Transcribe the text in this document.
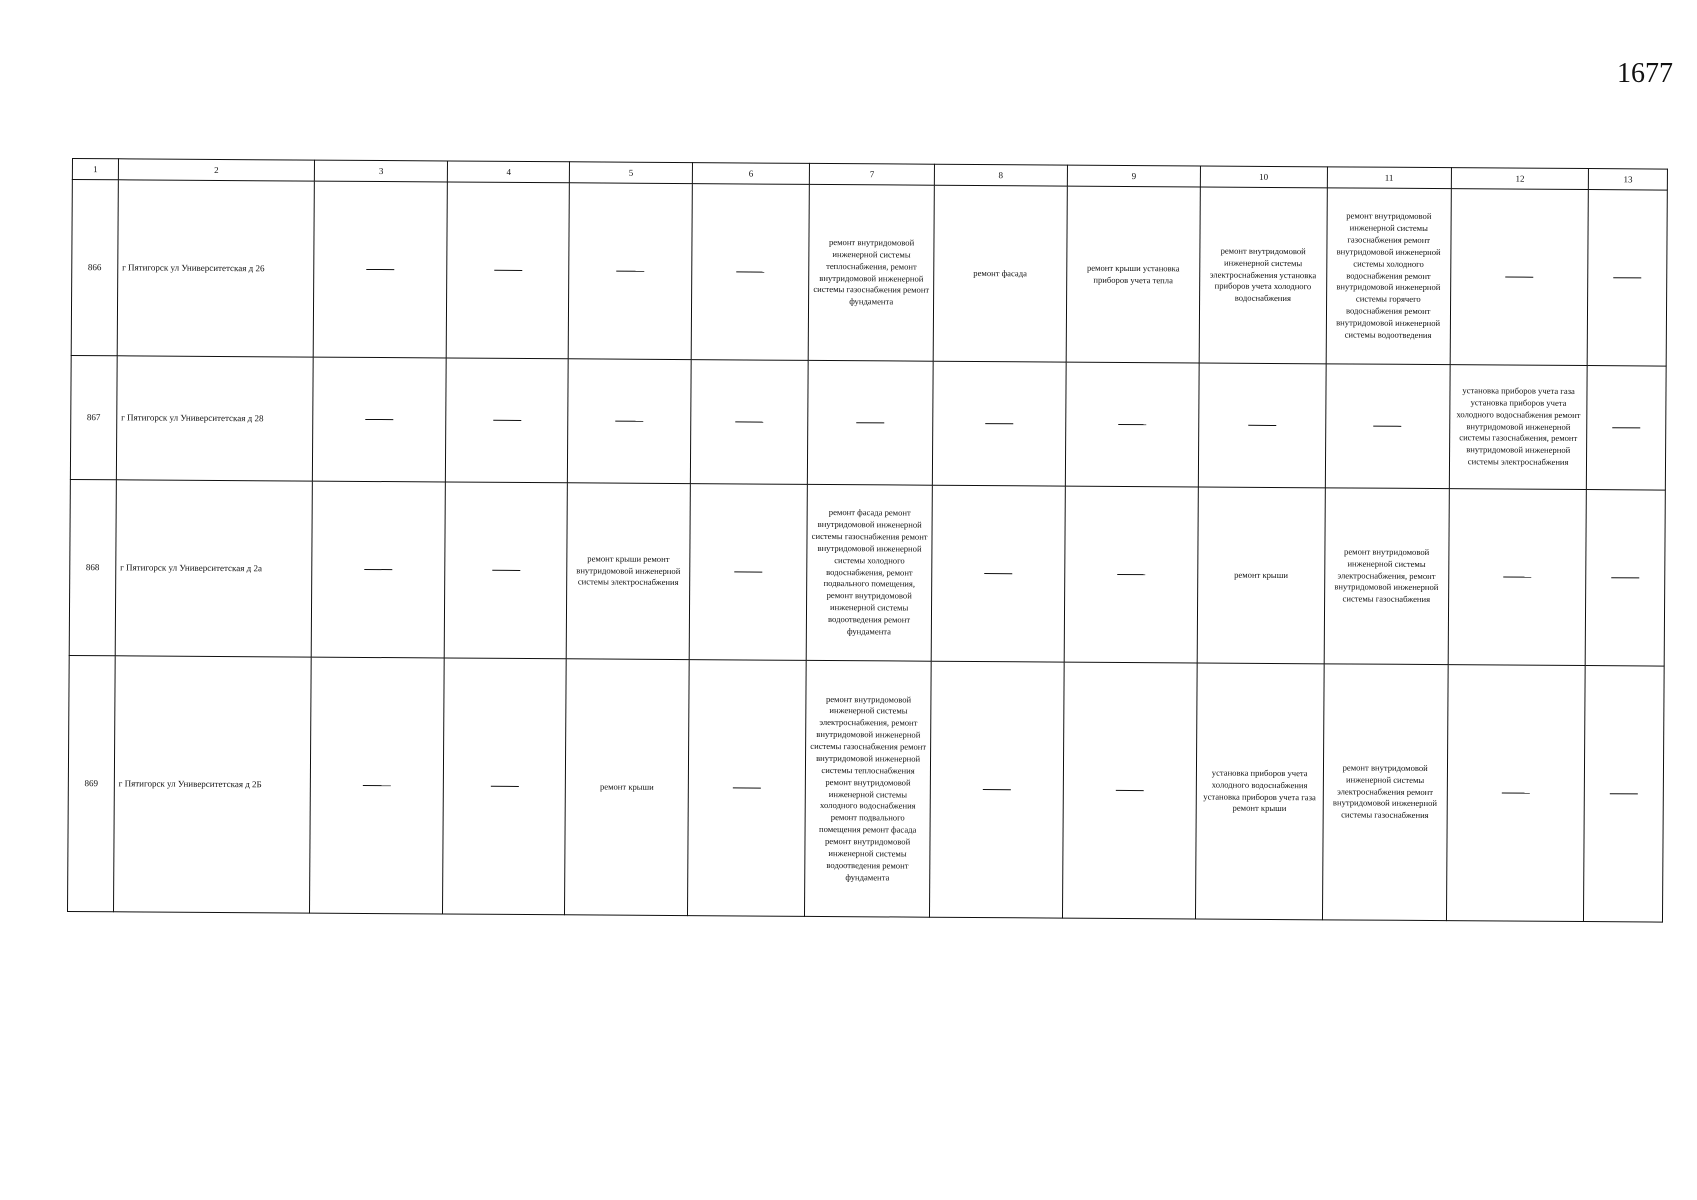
1677
1	2	3	4	5	6	7	8	9	10	11	12	13
866	г Пятигорск ул Университетская д 26					ремонт внутридомовой инженерной системы теплоснабжения, ремонт внутридомовой инженерной системы газоснабжения ремонт фундамента	ремонт фасада	ремонт крыши установка приборов учета тепла	ремонт внутридомовой инженерной системы электроснабжения установка приборов учета холодного водоснабжения	ремонт внутридомовой инженерной системы газоснабжения ремонт внутридомовой инженерной системы холодного водоснабжения ремонт внутридомовой инженерной системы горячего водоснабжения ремонт внутридомовой инженерной системы водоотведения		
867	г Пятигорск ул Университетская д 28										установка приборов учета газа установка приборов учета холодного водоснабжения ремонт внутридомовой инженерной системы газоснабжения, ремонт внутридомовой инженерной системы электроснабжения	
868	г Пятигорск ул Университетская д 2а			ремонт крыши ремонт внутридомовой инженерной системы электроснабжения		ремонт фасада ремонт внутридомовой инженерной системы газоснабжения ремонт внутридомовой инженерной системы холодного водоснабжения, ремонт подвального помещения, ремонт внутридомовой инженерной системы водоотведения ремонт фундамента			ремонт крыши	ремонт внутридомовой инженерной системы электроснабжения, ремонт внутридомовой инженерной системы газоснабжения		
869	г Пятигорск ул Университетская д 2Б			ремонт крыши		ремонт внутридомовой инженерной системы электроснабжения, ремонт внутридомовой инженерной системы газоснабжения ремонт внутридомовой инженерной системы теплоснабжения ремонт внутридомовой инженерной системы холодного водоснабжения ремонт подвального помещения ремонт фасада ремонт внутридомовой инженерной системы водоотведения ремонт фундамента			установка приборов учета холодного водоснабжения установка приборов учета газа ремонт крыши	ремонт внутридомовой инженерной системы электроснабжения ремонт внутридомовой инженерной системы газоснабжения		
